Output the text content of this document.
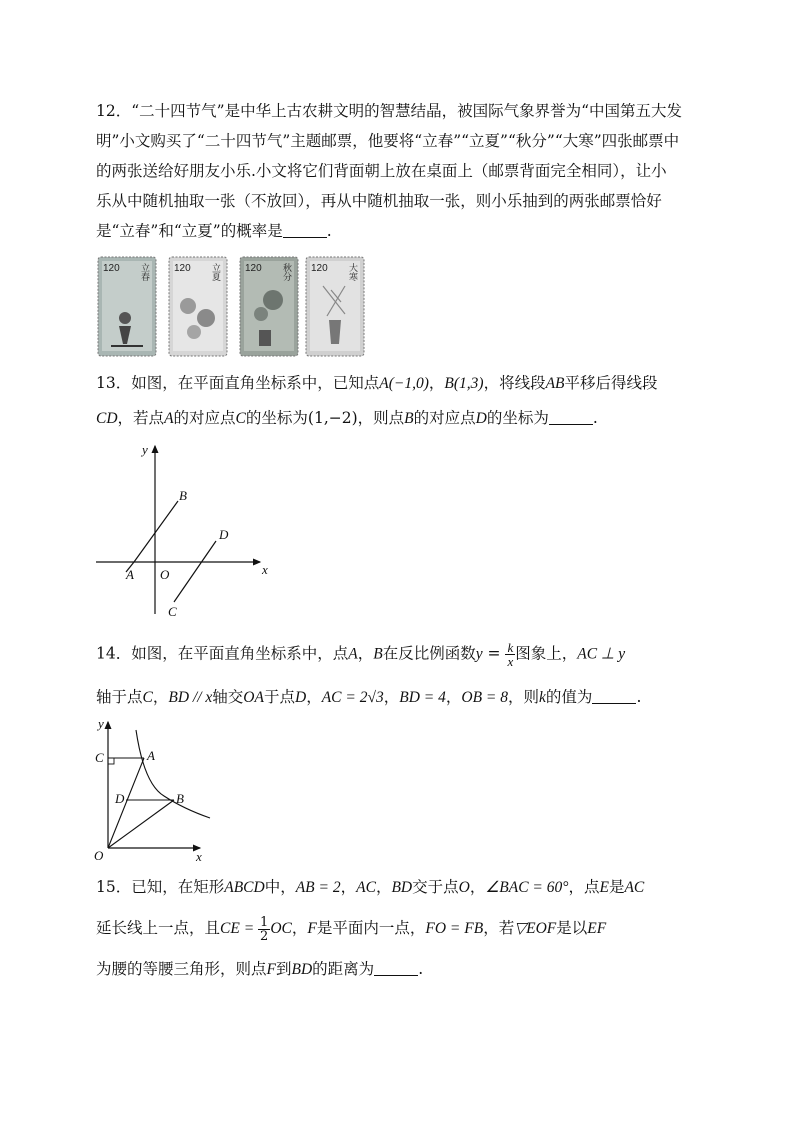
12．“二十四节气”是中华上古农耕文明的智慧结晶，被国际气象界誉为“中国第五大发
明”小文购买了“二十四节气”主题邮票，他要将“立春”“立夏”“秋分”“大寒”四张邮票中
的两张送给好朋友小乐.小文将它们背面朝上放在桌面上（邮票背面完全相同），让小
乐从中随机抽取一张（不放回），再从中随机抽取一张，则小乐抽到的两张邮票恰好
是“立春”和“立夏”的概率是	.
120 立春	120 立夏	120 秋分 120 大寒
13．如图，在平面直角坐标系中，已知点A(−1,0)，B(1,3)，将线段AB平移后得线段
CD，若点A的对应点C的坐标为(1,−2)，则点B的对应点D的坐标为	.
x
y
O
A
B
C
D
14．如图，在平面直角坐标系中，点A，B在反比例函数$y = \frac{k}{x}$ 图象上，AC ⊥ y
轴于点C，BD // x轴交OA于点D，AC = 2√3，BD = 4，OB = 8，则k的值为	.
x
y
O
A
B
C
D
15．已知，在矩形ABCD中，AB = 2，AC，BD交于点O，∠BAC = 60°，点E是AC
延长线上一点，且CE = $\frac{1}{2}$ OC，F是平面内一点，FO = FB，若▽EOF是以EF
为腰的等腰三角形，则点F到BD的距离为	.
